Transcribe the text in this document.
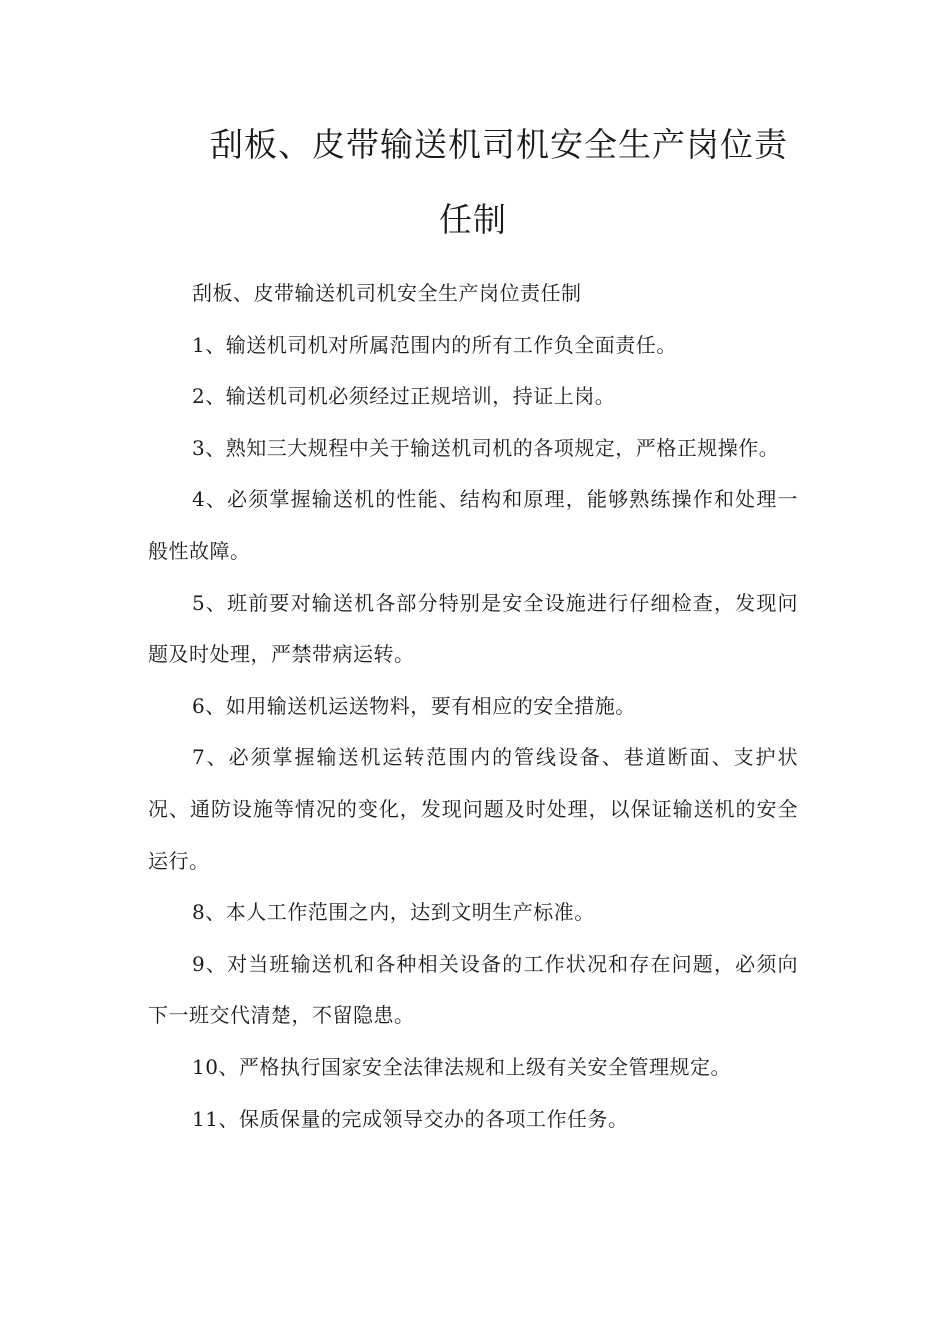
刮板、皮带输送机司机安全生产岗位责
任制

刮板、皮带输送机司机安全生产岗位责任制

1、输送机司机对所属范围内的所有工作负全面责任。

2、输送机司机必须经过正规培训，持证上岗。

3、熟知三大规程中关于输送机司机的各项规定，严格正规操作。

4、必须掌握输送机的性能、结构和原理，能够熟练操作和处理一般性故障。

5、班前要对输送机各部分特别是安全设施进行仔细检查，发现问题及时处理，严禁带病运转。

6、如用输送机运送物料，要有相应的安全措施。

7、必须掌握输送机运转范围内的管线设备、巷道断面、支护状况、通防设施等情况的变化，发现问题及时处理，以保证输送机的安全运行。

8、本人工作范围之内，达到文明生产标准。

9、对当班输送机和各种相关设备的工作状况和存在问题，必须向下一班交代清楚，不留隐患。

10、严格执行国家安全法律法规和上级有关安全管理规定。

11、保质保量的完成领导交办的各项工作任务。
